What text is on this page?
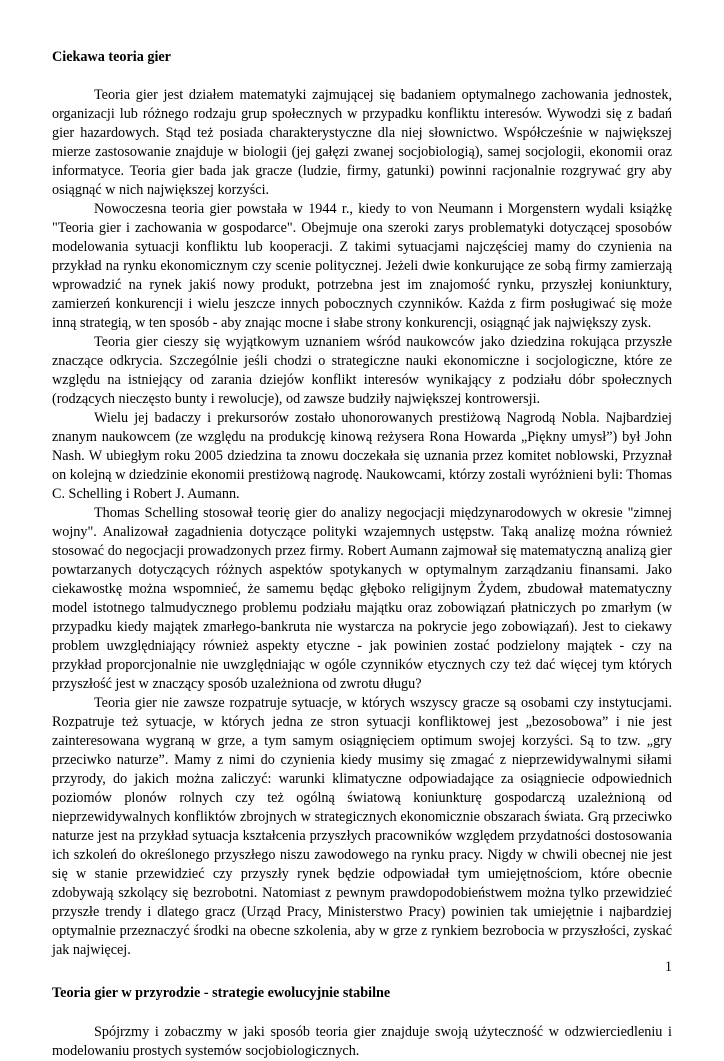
Ciekawa teoria gier

Teoria gier jest działem matematyki zajmującej się badaniem optymalnego zachowania jednostek, organizacji lub różnego rodzaju grup społecznych w przypadku konfliktu interesów. Wywodzi się z badań gier hazardowych. Stąd też posiada charakterystyczne dla niej słownictwo. Współcześnie w największej mierze zastosowanie znajduje w biologii (jej gałęzi zwanej socjobiologią), samej socjologii, ekonomii oraz informatyce. Teoria gier bada jak gracze (ludzie, firmy, gatunki) powinni racjonalnie rozgrywać gry aby osiągnąć w nich największej korzyści.

Nowoczesna teoria gier powstała w 1944 r., kiedy to von Neumann i Morgenstern wydali książkę "Teoria gier i zachowania w gospodarce". Obejmuje ona szeroki zarys problematyki dotyczącej sposobów modelowania sytuacji konfliktu lub kooperacji. Z takimi sytuacjami najczęściej mamy do czynienia na przykład na rynku ekonomicznym czy scenie politycznej. Jeżeli dwie konkurujące ze sobą firmy zamierzają wprowadzić na rynek jakiś nowy produkt, potrzebna jest im znajomość rynku, przyszłej koniunktury, zamierzeń konkurencji i wielu jeszcze innych pobocznych czynników. Każda z firm posługiwać się może inną strategią, w ten sposób - aby znając mocne i słabe strony konkurencji, osiągnąć jak największy zysk.

Teoria gier cieszy się wyjątkowym uznaniem wśród naukowców jako dziedzina rokująca przyszłe znaczące odkrycia. Szczególnie jeśli chodzi o strategiczne nauki ekonomiczne i socjologiczne, które ze względu na istniejący od zarania dziejów konflikt interesów wynikający z podziału dóbr społecznych (rodzących nieczęsto bunty i rewolucje), od zawsze budziły największej kontrowersji.

Wielu jej badaczy i prekursorów zostało uhonorowanych prestiżową Nagrodą Nobla. Najbardziej znanym naukowcem (ze względu na produkcję kinową reżysera Rona Howarda „Piękny umysł”) był John Nash. W ubiegłym roku 2005 dziedzina ta znowu doczekała się uznania przez komitet noblowski, Przyznał on kolejną w dziedzinie ekonomii prestiżową nagrodę. Naukowcami, którzy zostali wyróżnieni byli: Thomas C. Schelling i Robert J. Aumann.

Thomas Schelling stosował teorię gier do analizy negocjacji międzynarodowych w okresie "zimnej wojny". Analizował zagadnienia dotyczące polityki wzajemnych ustępstw. Taką analizę można również stosować do negocjacji prowadzonych przez firmy. Robert Aumann zajmował się matematyczną analizą gier powtarzanych dotyczących różnych aspektów spotykanych w optymalnym zarządzaniu finansami. Jako ciekawostkę można wspomnieć, że samemu będąc głęboko religijnym Żydem, zbudował matematyczny model istotnego talmudycznego problemu podziału majątku oraz zobowiązań płatniczych po zmarłym (w przypadku kiedy majątek zmarłego-bankruta nie wystarcza na pokrycie jego zobowiązań). Jest to ciekawy problem uwzględniający również aspekty etyczne - jak powinien zostać podzielony majątek - czy na przykład proporcjonalnie nie uwzględniając w ogóle czynników etycznych czy też dać więcej tym których przyszłość jest w znaczący sposób uzależniona od zwrotu długu?

Teoria gier nie zawsze rozpatruje sytuacje, w których wszyscy gracze są osobami czy instytucjami. Rozpatruje też sytuacje, w których jedna ze stron sytuacji konfliktowej jest „bezosobowa” i nie jest zainteresowana wygraną w grze, a tym samym osiągnięciem optimum swojej korzyści. Są to tzw. „gry przeciwko naturze”. Mamy z nimi do czynienia kiedy musimy się zmagać z nieprzewidywalnymi siłami przyrody, do jakich można zaliczyć: warunki klimatyczne odpowiadające za osiągniecie odpowiednich poziomów plonów rolnych czy też ogólną światową koniunkturę gospodarczą uzależnioną od nieprzewidywalnych konfliktów zbrojnych w strategicznych ekonomicznie obszarach świata. Grą przeciwko naturze jest na przykład sytuacja kształcenia przyszłych pracowników względem przydatności dostosowania ich szkoleń do określonego przyszłego niszu zawodowego na rynku pracy. Nigdy w chwili obecnej nie jest się w stanie przewidzieć czy przyszły rynek będzie odpowiadał tym umiejętnościom, które obecnie zdobywają szkolący się bezrobotni. Natomiast z pewnym prawdopodobieństwem można tylko przewidzieć przyszłe trendy i dlatego gracz (Urząd Pracy, Ministerstwo Pracy) powinien tak umiejętnie i najbardziej optymalnie przeznaczyć środki na obecne szkolenia, aby w grze z rynkiem bezrobocia w przyszłości, zyskać jak najwięcej.

Teoria gier w przyrodzie - strategie ewolucyjnie stabilne

Spójrzmy i zobaczmy w jaki sposób teoria gier znajduje swoją użyteczność w odzwierciedleniu i modelowaniu prostych systemów socjobiologicznych.

1
